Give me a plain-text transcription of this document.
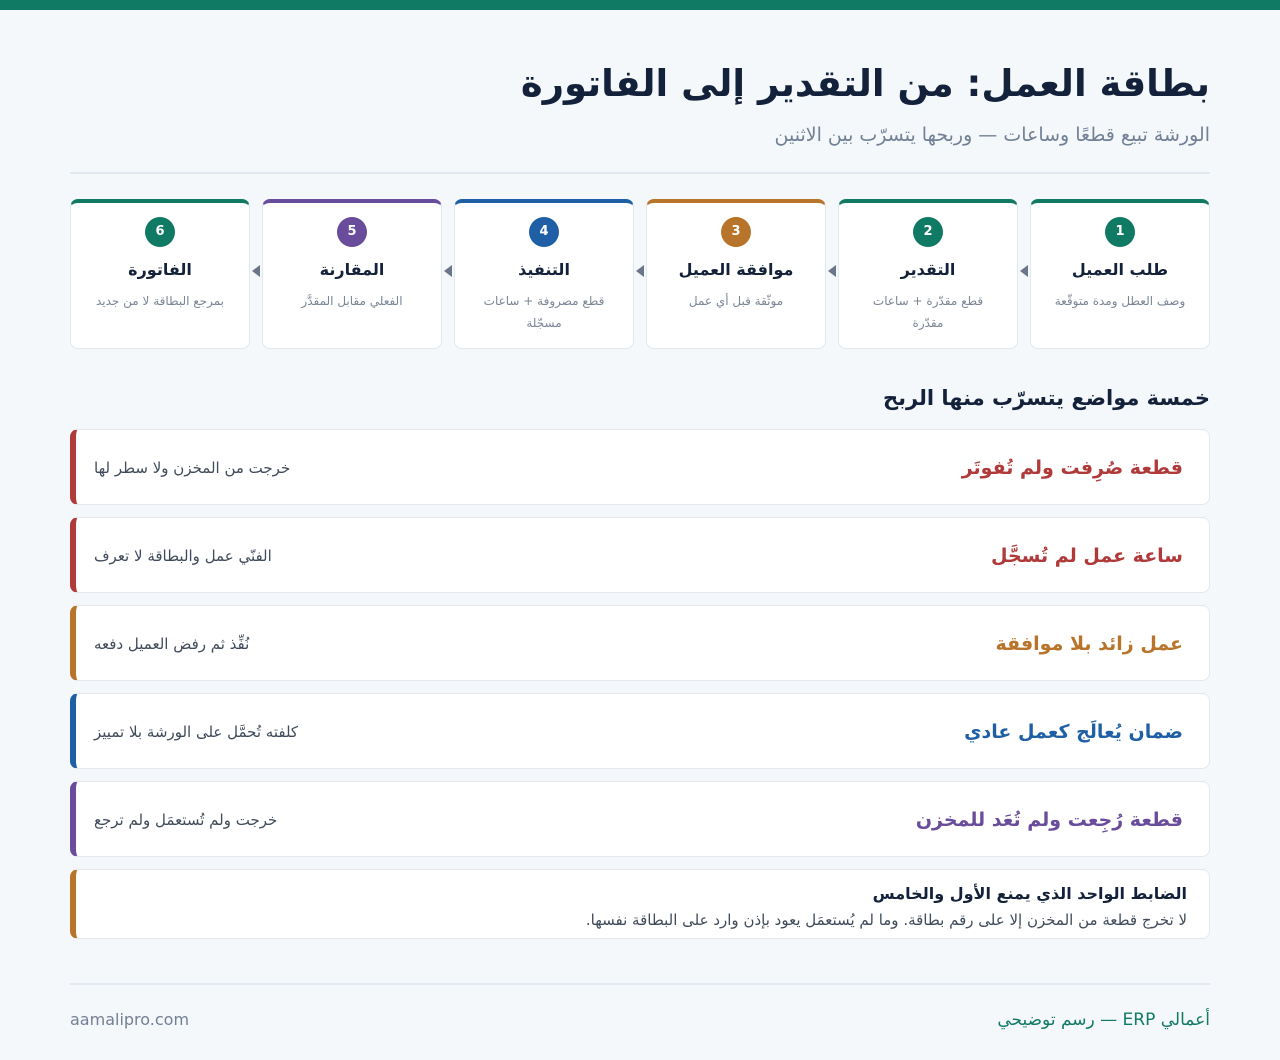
بطاقة العمل: من التقدير إلى الفاتورة
الورشة تبيع قطعًا وساعات — وربحها يتسرّب بين الاثنين
1
طلب العميل
وصف العطل ومدة متوقّعة
2
التقدير
قطع مقدّرة + ساعات مقدّرة
3
موافقة العميل
موثّقة قبل أي عمل
4
التنفيذ
قطع مصروفة + ساعات مسجّلة
5
المقارنة
الفعلي مقابل المقدَّر
6
الفاتورة
بمرجع البطاقة لا من جديد
خمسة مواضع يتسرّب منها الربح
قطعة صُرِفت ولم تُفوتَر
خرجت من المخزن ولا سطر لها
ساعة عمل لم تُسجَّل
الفنّي عمل والبطاقة لا تعرف
عمل زائد بلا موافقة
نُفِّذ ثم رفض العميل دفعه
ضمان يُعالَج كعمل عادي
كلفته تُحمَّل على الورشة بلا تمييز
قطعة رُجِعت ولم تُعَد للمخزن
خرجت ولم تُستعمَل ولم ترجع
الضابط الواحد الذي يمنع الأول والخامس
لا تخرج قطعة من المخزن إلا على رقم بطاقة. وما لم يُستعمَل يعود بإذن وارد على البطاقة نفسها.
أعمالي ERP — رسم توضيحي
aamalipro.com
